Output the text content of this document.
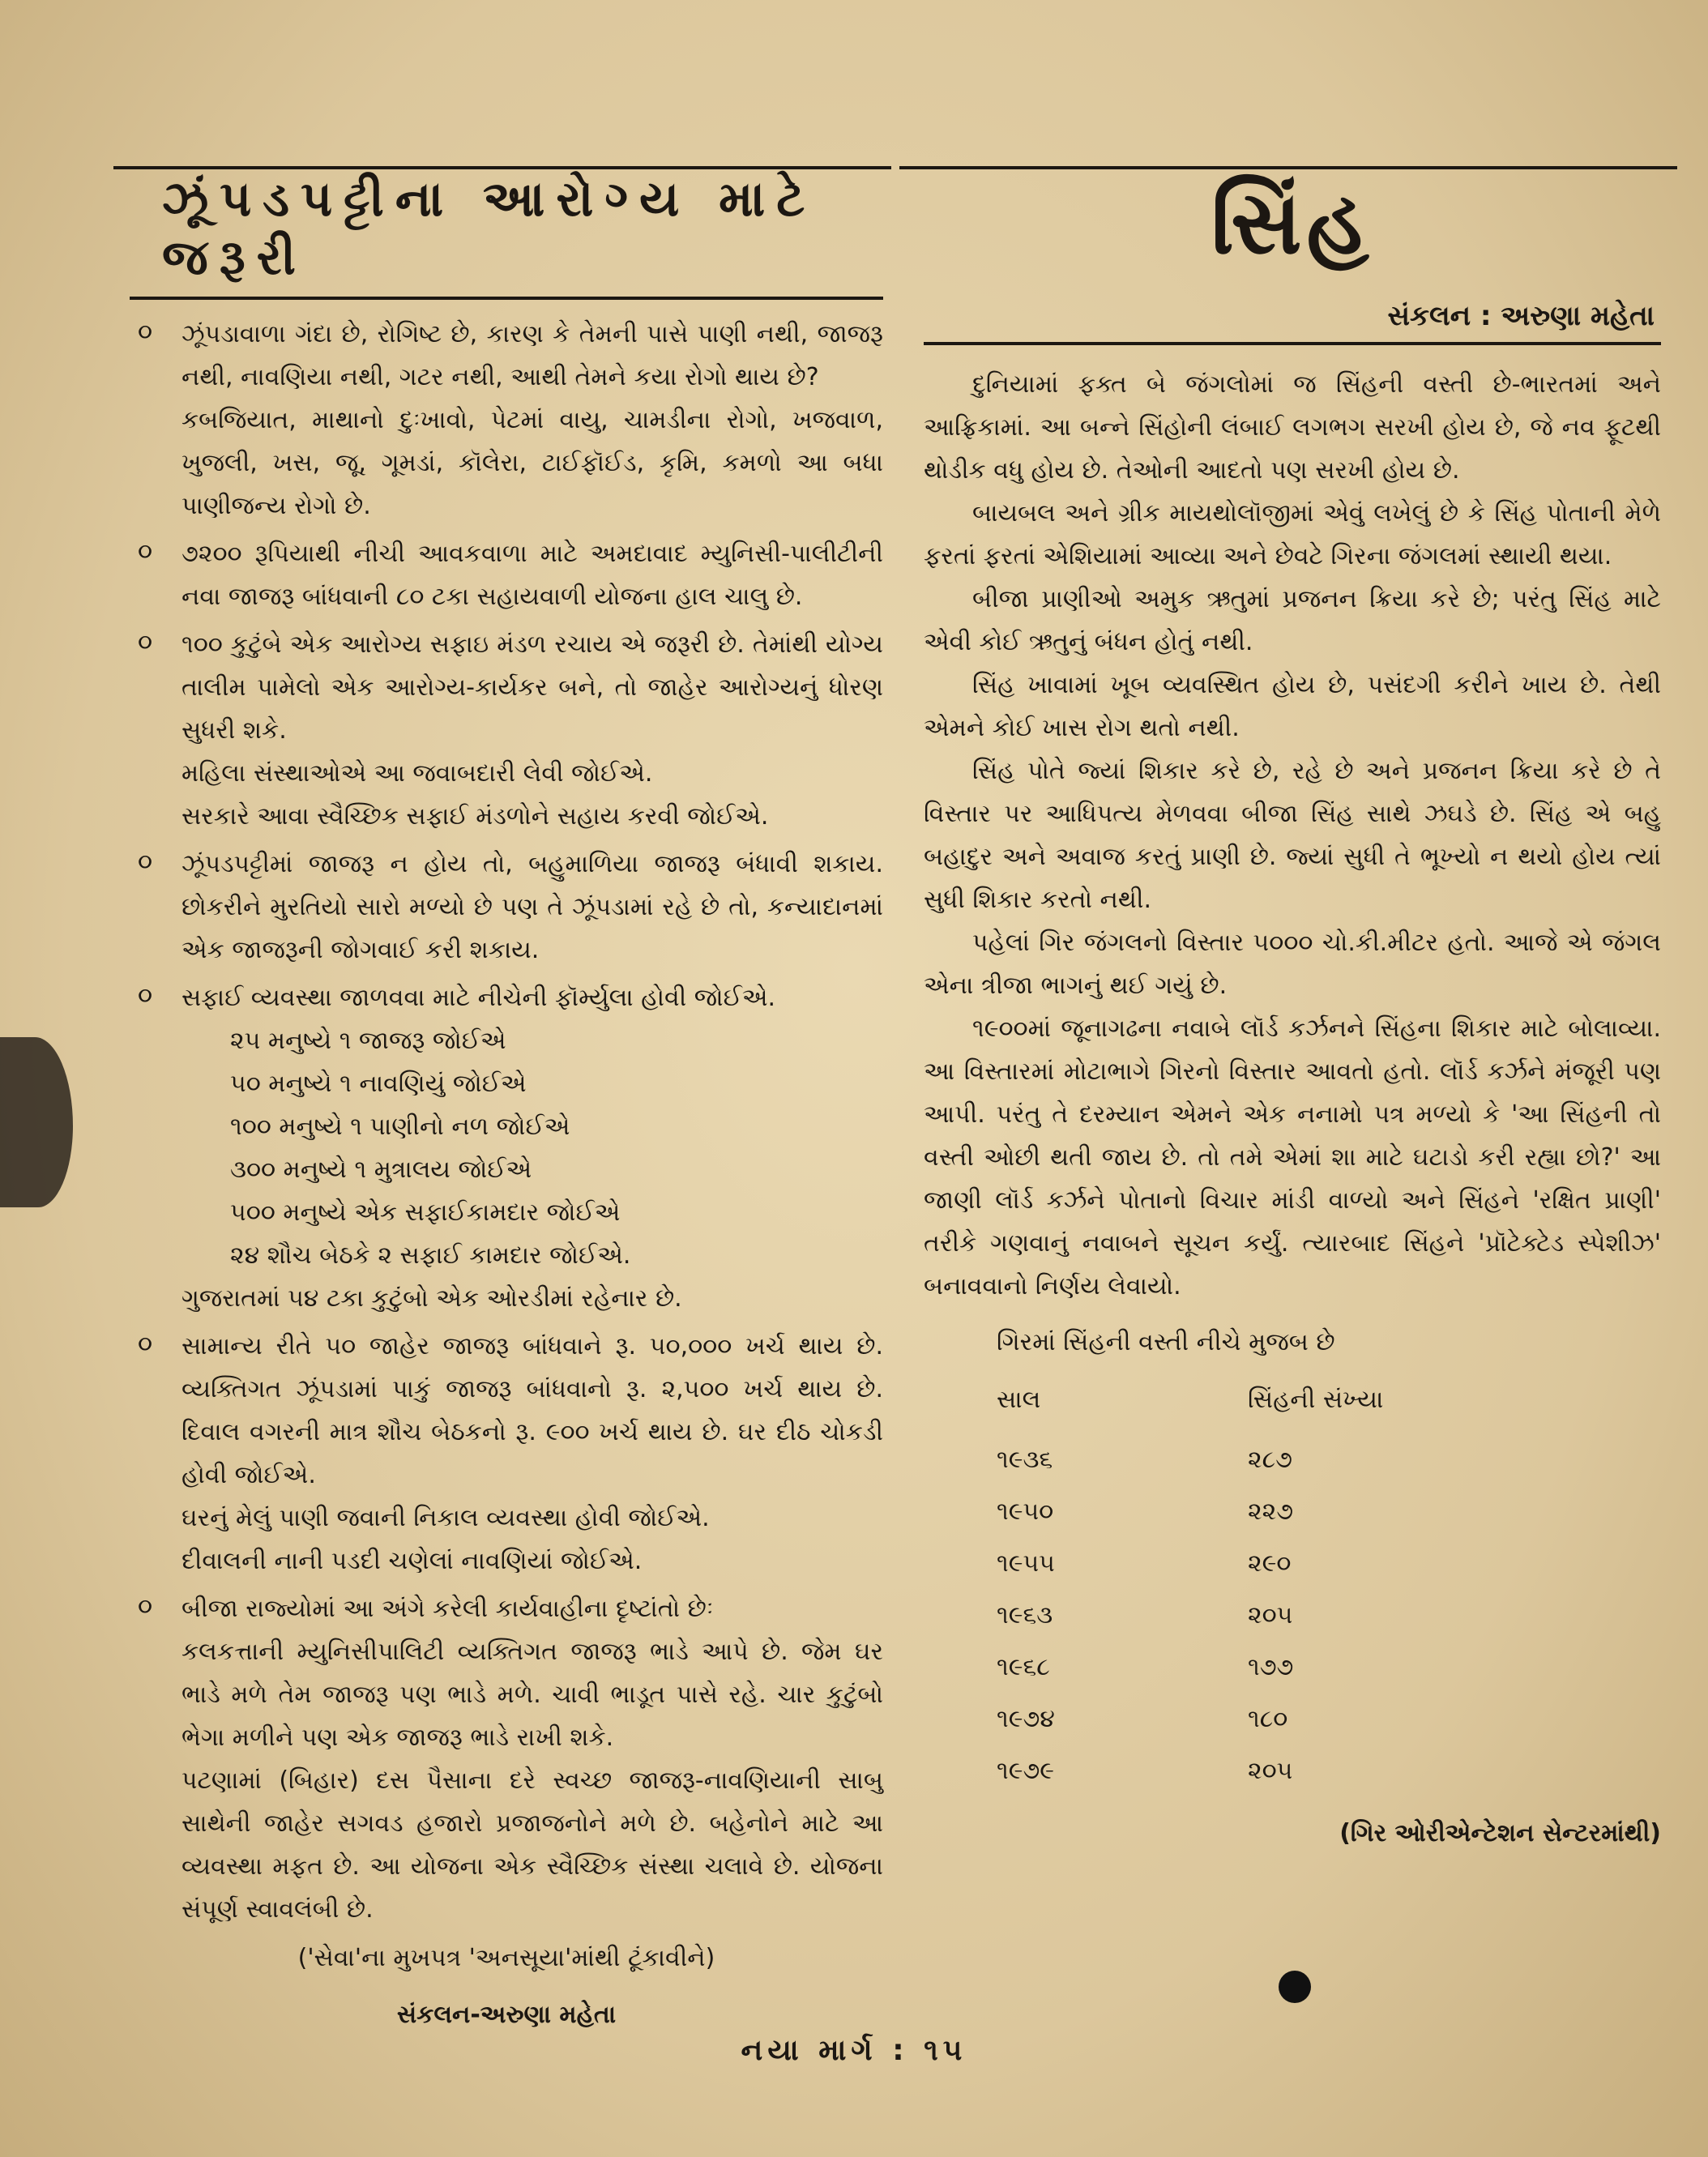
ઝૂંપડપટ્ટીના આરોગ્ય માટે જરૂરી
૦ ઝૂંપડાવાળા ગંદા છે, રોગિષ્ટ છે, કારણ કે તેમની પાસે પાણી નથી, જાજરૂ નથી, નાવણિયા નથી, ગટર નથી, આથી તેમને કયા રોગો થાય છે?

કબજિયાત, માથાનો દુઃખાવો, પેટમાં વાયુ, ચામડીના રોગો, ખજવાળ, ખુજલી, ખસ, જૂ, ગૂમડાં, કૉલેરા, ટાઈફૉઈડ, કૃમિ, કમળો આ બધા પાણીજન્ય રોગો છે.

૦ ૭૨૦૦ રૂપિયાથી નીચી આવકવાળા માટે અમદાવાદ મ્યુનિસી-પાલીટીની નવા જાજરૂ બાંધવાની ૮૦ ટકા સહાયવાળી યોજના હાલ ચાલુ છે.

૦ ૧૦૦ કુટુંબે એક આરોગ્ય સફાઇ મંડળ રચાય એ જરૂરી છે. તેમાંથી યોગ્ય તાલીમ પામેલો એક આરોગ્ય-કાર્યકર બને, તો જાહેર આરોગ્યનું ધોરણ સુધરી શકે.

મહિલા સંસ્થાઓએ આ જવાબદારી લેવી જોઈએ.

સરકારે આવા સ્વૈચ્છિક સફાઈ મંડળોને સહાય કરવી જોઈએ.

૦ ઝૂંપડપટ્ટીમાં જાજરૂ ન હોય તો, બહુમાળિયા જાજરૂ બંધાવી શકાય. છોકરીને મુરતિયો સારો મળ્યો છે પણ તે ઝૂંપડામાં રહે છે તો, કન્યાદાનમાં એક જાજરૂની જોગવાઈ કરી શકાય.

૦ સફાઈ વ્યવસ્થા જાળવવા માટે નીચેની ફૉર્મ્યુલા હોવી જોઈએ.

૨૫ મનુષ્યે ૧ જાજરૂ જોઈએ

૫૦ મનુષ્યે ૧ નાવણિયું જોઈએ

૧૦૦ મનુષ્યે ૧ પાણીનો નળ જોઈએ

૩૦૦ મનુષ્યે ૧ મુત્રાલય જોઈએ

૫૦૦ મનુષ્યે એક સફાઈકામદાર જોઈએ

૨૪ શૌચ બેઠકે ૨ સફાઈ કામદાર જોઈએ.

ગુજરાતમાં ૫૪ ટકા કુટુંબો એક ઓરડીમાં રહેનાર છે.

૦ સામાન્ય રીતે ૫૦ જાહેર જાજરૂ બાંધવાને રૂ. ૫૦,૦૦૦ ખર્ચ થાય છે. વ્યક્તિગત ઝૂંપડામાં પાકું જાજરૂ બાંધવાનો રૂ. ૨,૫૦૦ ખર્ચ થાય છે. દિવાલ વગરની માત્ર શૌચ બેઠકનો રૂ. ૯૦૦ ખર્ચ થાય છે. ઘર દીઠ ચોકડી હોવી જોઈએ.

ઘરનું મેલું પાણી જવાની નિકાલ વ્યવસ્થા હોવી જોઈએ.

દીવાલની નાની પડદી ચણેલાં નાવણિયાં જોઈએ.

૦ બીજા રાજ્યોમાં આ અંગે કરેલી કાર્યવાહીના દૃષ્ટાંતો છેઃ

કલકત્તાની મ્યુનિસીપાલિટી વ્યક્તિગત જાજરૂ ભાડે આપે છે. જેમ ઘર ભાડે મળે તેમ જાજરૂ પણ ભાડે મળે. ચાવી ભાડૂત પાસે રહે. ચાર કુટુંબો ભેગા મળીને પણ એક જાજરૂ ભાડે રાખી શકે.

પટણામાં (બિહાર) દસ પૈસાના દરે સ્વચ્છ જાજરૂ-નાવણિયાની સાબુ સાથેની જાહેર સગવડ હજારો પ્રજાજનોને મળે છે. બહેનોને માટે આ વ્યવસ્થા મફત છે. આ યોજના એક સ્વૈચ્છિક સંસ્થા ચલાવે છે. યોજના સંપૂર્ણ સ્વાવલંબી છે.

('સેવા'ના મુખપત્ર 'અનસૂયા'માંથી ટૂંકાવીને)

સંકલન-અરુણા મહેતા

સિંહ
સંકલન : અરુણા મહેતા

દુનિયામાં ફક્ત બે જંગલોમાં જ સિંહની વસ્તી છે-ભારતમાં અને આફ્રિકામાં. આ બન્ને સિંહોની લંબાઈ લગભગ સરખી હોય છે, જે નવ ફૂટથી થોડીક વધુ હોય છે. તેઓની આદતો પણ સરખી હોય છે.

બાયબલ અને ગ્રીક માયથોલૉજીમાં એવું લખેલું છે કે સિંહ પોતાની મેળે ફરતાં ફરતાં એશિયામાં આવ્યા અને છેવટે ગિરના જંગલમાં સ્થાયી થયા.

બીજા પ્રાણીઓ અમુક ઋતુમાં પ્રજનન ક્રિયા કરે છે; પરંતુ સિંહ માટે એવી કોઈ ઋતુનું બંધન હોતું નથી.

સિંહ ખાવામાં ખૂબ વ્યવસ્થિત હોય છે, પસંદગી કરીને ખાય છે. તેથી એમને કોઈ ખાસ રોગ થતો નથી.

સિંહ પોતે જ્યાં શિકાર કરે છે, રહે છે અને પ્રજનન ક્રિયા કરે છે તે વિસ્તાર પર આધિપત્ય મેળવવા બીજા સિંહ સાથે ઝઘડે છે. સિંહ એ બહુ બહાદુર અને અવાજ કરતું પ્રાણી છે. જ્યાં સુધી તે ભૂખ્યો ન થયો હોય ત્યાં સુધી શિકાર કરતો નથી.

પહેલાં ગિર જંગલનો વિસ્તાર ૫૦૦૦ ચો.કી.મીટર હતો. આજે એ જંગલ એના ત્રીજા ભાગનું થઈ ગયું છે.

૧૯૦૦માં જૂનાગઢના નવાબે લૉર્ડ કર્ઝનને સિંહના શિકાર માટે બોલાવ્યા. આ વિસ્તારમાં મોટાભાગે ગિરનો વિસ્તાર આવતો હતો. લૉર્ડ કર્ઝને મંજૂરી પણ આપી. પરંતુ તે દરમ્યાન એમને એક નનામો પત્ર મળ્યો કે 'આ સિંહની તો વસ્તી ઓછી થતી જાય છે. તો તમે એમાં શા માટે ઘટાડો કરી રહ્યા છો?' આ જાણી લૉર્ડ કર્ઝને પોતાનો વિચાર માંડી વાળ્યો અને સિંહને 'રક્ષિત પ્રાણી' તરીકે ગણવાનું નવાબને સૂચન કર્યું. ત્યારબાદ સિંહને 'પ્રૉટેક્ટેડ સ્પેશીઝ' બનાવવાનો નિર્ણય લેવાયો.

ગિરમાં સિંહની વસ્તી નીચે મુજબ છે

સાલ	સિંહની સંખ્યા
૧૯૩૬	૨૮૭
૧૯૫૦	૨૨૭
૧૯૫૫	૨૯૦
૧૯૬૩	૨૦૫
૧૯૬૮	૧૭૭
૧૯૭૪	૧૮૦
૧૯૭૯	૨૦૫

(ગિર ઓરીએન્ટેશન સેન્ટરમાંથી)

નયા માર્ગ : ૧૫
